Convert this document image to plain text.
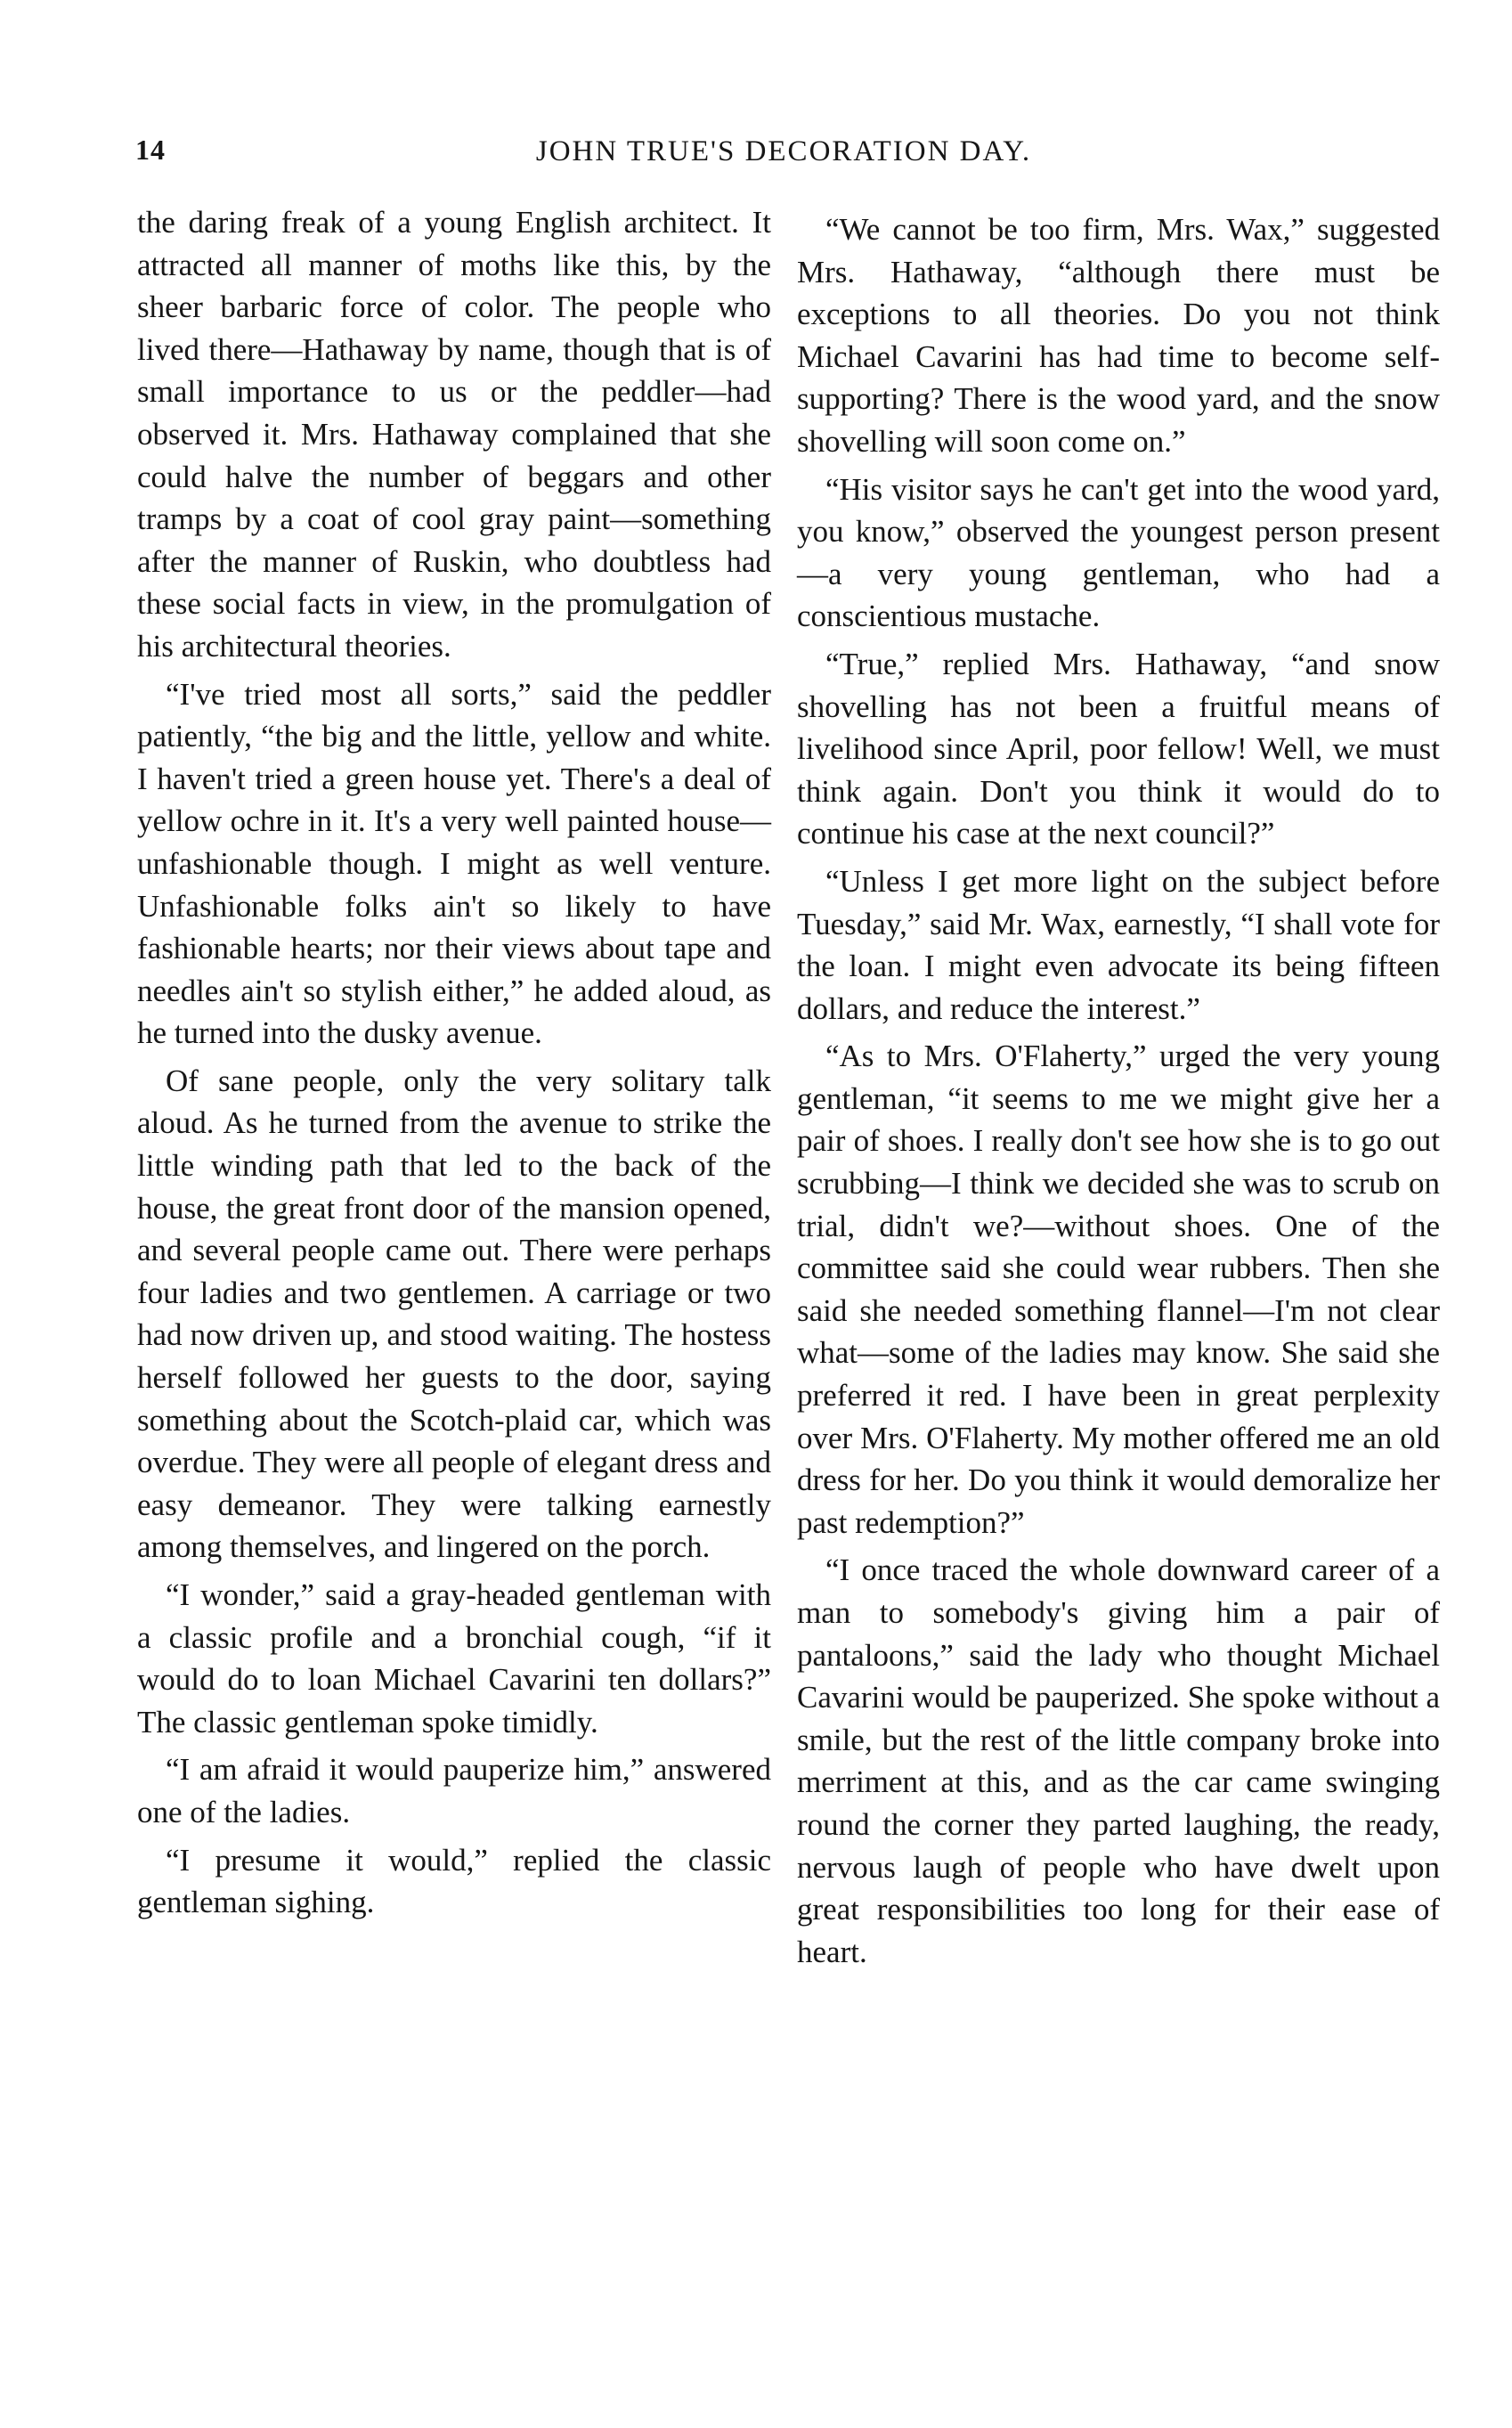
14	JOHN TRUE'S DECORATION DAY.

the daring freak of a young English architect. It attracted all manner of moths like this, by the sheer barbaric force of color. The people who lived there—Hathaway by name, though that is of small importance to us or the peddler—had observed it. Mrs. Hathaway complained that she could halve the number of beggars and other tramps by a coat of cool gray paint—something after the manner of Ruskin, who doubtless had these social facts in view, in the promulgation of his architectural theories.

“I've tried most all sorts,” said the peddler patiently, “the big and the little, yellow and white. I haven't tried a green house yet. There's a deal of yellow ochre in it. It's a very well painted house—unfashionable though. I might as well venture. Unfashionable folks ain't so likely to have fashionable hearts; nor their views about tape and needles ain't so stylish either,” he added aloud, as he turned into the dusky avenue.

Of sane people, only the very solitary talk aloud. As he turned from the avenue to strike the little winding path that led to the back of the house, the great front door of the mansion opened, and several people came out. There were perhaps four ladies and two gentlemen. A carriage or two had now driven up, and stood waiting. The hostess herself followed her guests to the door, saying something about the Scotch-plaid car, which was overdue. They were all people of elegant dress and easy demeanor. They were talking earnestly among themselves, and lingered on the porch.

“I wonder,” said a gray-headed gentleman with a classic profile and a bronchial cough, “if it would do to loan Michael Cavarini ten dollars?” The classic gentleman spoke timidly.

“I am afraid it would pauperize him,” answered one of the ladies.

“I presume it would,” replied the classic gentleman sighing.

“We cannot be too firm, Mrs. Wax,” suggested Mrs. Hathaway, “although there must be exceptions to all theories. Do you not think Michael Cavarini has had time to become self-supporting? There is the wood yard, and the snow shovelling will soon come on.”

“His visitor says he can't get into the wood yard, you know,” observed the youngest person present—a very young gentleman, who had a conscientious mustache.

“True,” replied Mrs. Hathaway, “and snow shovelling has not been a fruitful means of livelihood since April, poor fellow! Well, we must think again. Don't you think it would do to continue his case at the next council?”

“Unless I get more light on the subject before Tuesday,” said Mr. Wax, earnestly, “I shall vote for the loan. I might even advocate its being fifteen dollars, and reduce the interest.”

“As to Mrs. O'Flaherty,” urged the very young gentleman, “it seems to me we might give her a pair of shoes. I really don't see how she is to go out scrubbing—I think we decided she was to scrub on trial, didn't we?—without shoes. One of the committee said she could wear rubbers. Then she said she needed something flannel—I'm not clear what—some of the ladies may know. She said she preferred it red. I have been in great perplexity over Mrs. O'Flaherty. My mother offered me an old dress for her. Do you think it would demoralize her past redemption?”

“I once traced the whole downward career of a man to somebody's giving him a pair of pantaloons,” said the lady who thought Michael Cavarini would be pauperized. She spoke without a smile, but the rest of the little company broke into merriment at this, and as the car came swinging round the corner they parted laughing, the ready, nervous laugh of people who have dwelt upon great responsibilities too long for their ease of heart.
